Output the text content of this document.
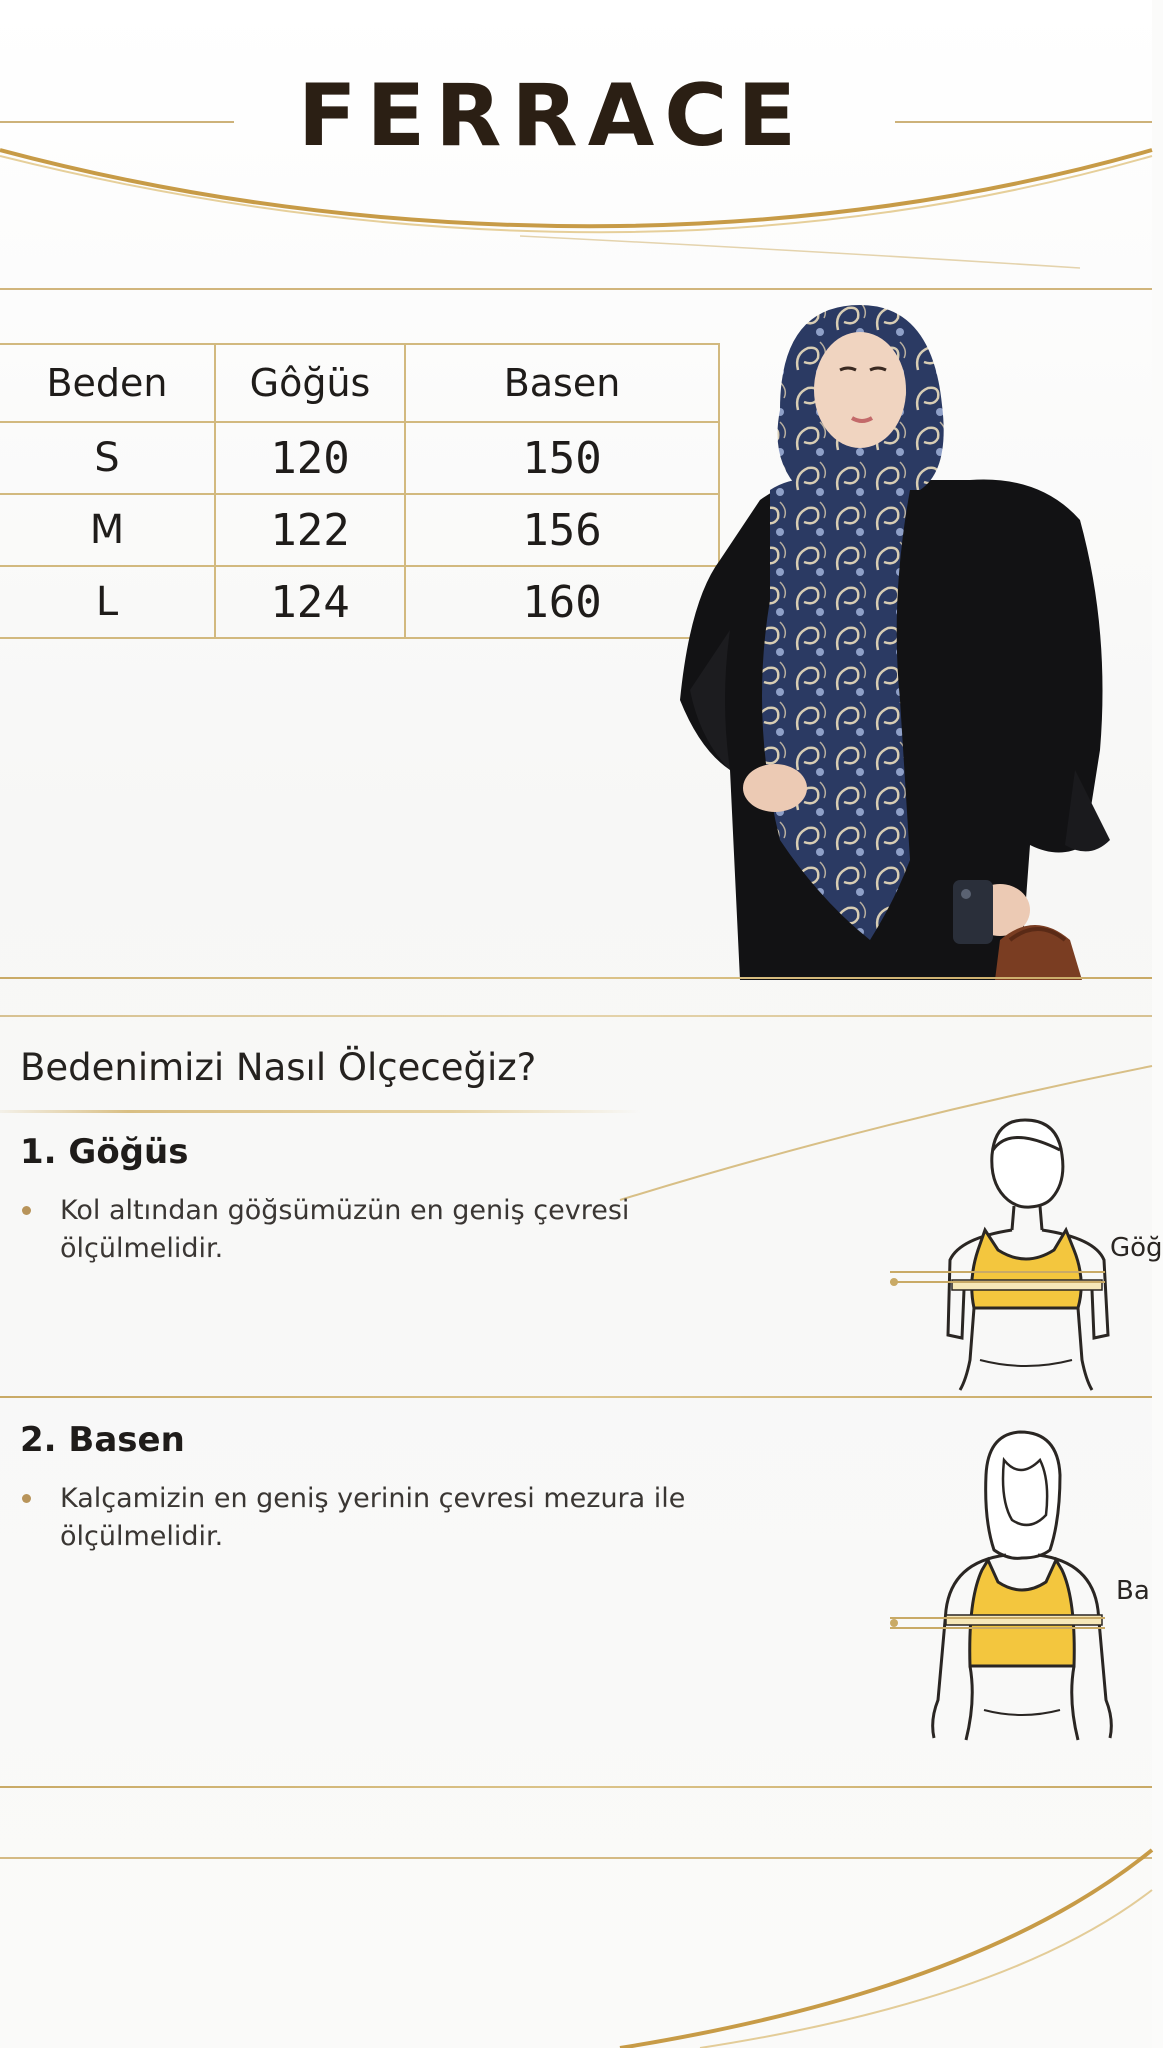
FERRACE
Beden	Gôğüs	Basen
S	120	150
M	122	156
L	124	160
Bedenimizi Nasıl Ölçeceğiz?
1. Göğüs
Kol altından göğsümüzün en geniş çevresi ölçülmelidir.	Göğ
2. Basen
Kalçamizin en geniş yerinin çevresi mezura ile ölçülmelidir.
Ba
